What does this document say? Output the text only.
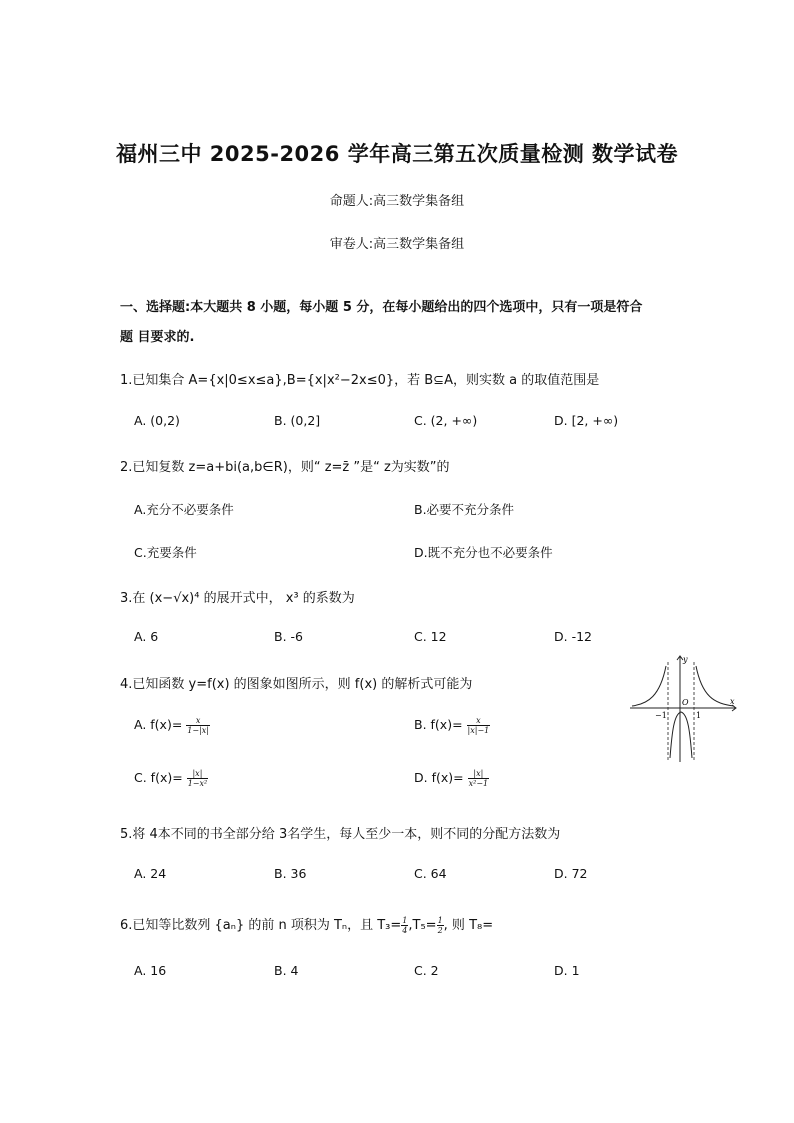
福州三中 2025-2026 学年高三第五次质量检测 数学试卷
命题人:高三数学集备组
审卷人:高三数学集备组
一、选择题:本大题共 8 小题，每小题 5 分，在每小题给出的四个选项中，只有一项是符合
题 目要求的.
1.已知集合 A={x|0≤x≤a},B={x|x²−2x≤0}，若 B⊆A，则实数 a 的取值范围是
A. (0,2)	B. (0,2]	C. (2, +∞)	D. [2, +∞)
2.已知复数 z=a+bi(a,b∈R)，则“ z=z̄ ”是“ z为实数”的
A.充分不必要条件	B.必要不充分条件
C.充要条件	D.既不充分也不必要条件
3.在 (x−√x)⁴ 的展开式中， x³ 的系数为
A. 6	B. -6	C. 12	D. -12
4.已知函数 y=f(x) 的图象如图所示，则 f(x) 的解析式可能为
A. $f(x)= \frac{x}{1-|x|}$	B. $f(x)= \frac{x}{|x|-1}$
C. $f(x)= \frac{|x|}{\text{1−x²}}$	D. $f(x)= \frac{|x|}{\text{x²−1}}$
y
x
O
−1	1
5.将 4本不同的书全部分给 3名学生，每人至少一本，则不同的分配方法数为
A. 24	B. 36	C. 64	D. 72
6.已知等比数列 {aₙ} 的前 n 项积为 Tₙ，且 $T_3= \frac{1}{4} ,T_5= \frac{1}{2}$ , 则 T₈=
A. 16	B. 4	C. 2	D. 1
